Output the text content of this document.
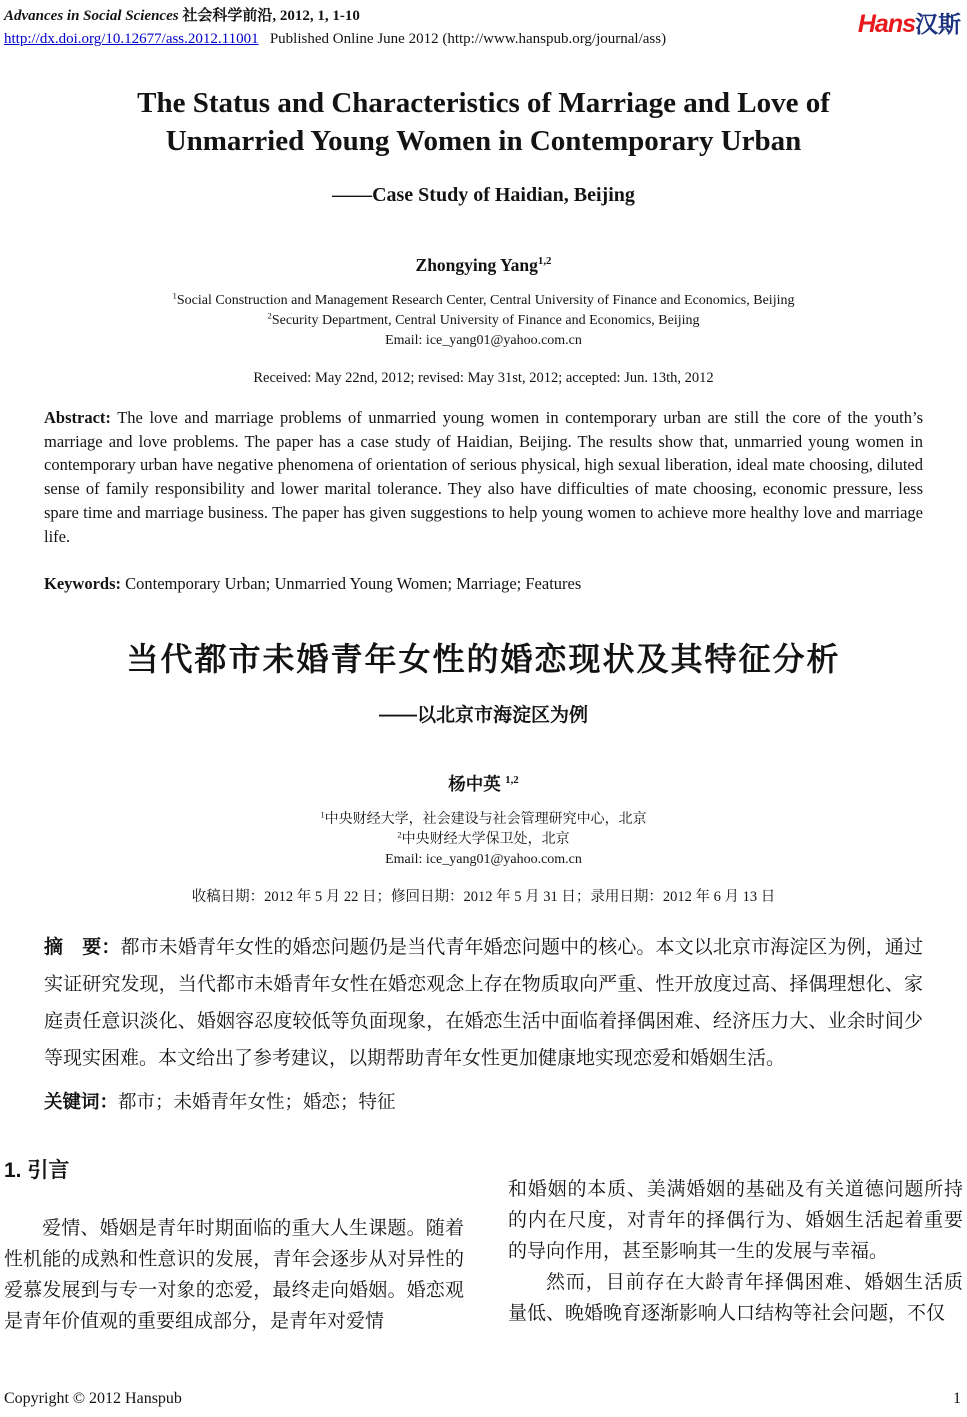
Advances in Social Sciences 社会科学前沿, 2012, 1, 1-10
http://dx.doi.org/10.12677/ass.2012.11001 Published Online June 2012 (http://www.hanspub.org/journal/ass)
Hans汉斯
The Status and Characteristics of Marriage and Love of
Unmarried Young Women in Contemporary Urban
——Case Study of Haidian, Beijing
Zhongying Yang$^{1,2}$
$^1$Social Construction and Management Research Center, Central University of Finance and Economics, Beijing
$^2$Security Department, Central University of Finance and Economics, Beijing
Email: ice_yang01@yahoo.com.cn
Received: May 22nd, 2012; revised: May 31st, 2012; accepted: Jun. 13th, 2012
Abstract: The love and marriage problems of unmarried young women in contemporary urban are still the core of the youth’s marriage and love problems. The paper has a case study of Haidian, Beijing. The results show that, unmarried young women in contemporary urban have negative phenomena of orientation of serious physical, high sexual liberation, ideal mate choosing, diluted sense of family responsibility and lower marital tolerance. They also have difficulties of mate choosing, economic pressure, less spare time and marriage business. The paper has given suggestions to help young women to achieve more healthy love and marriage life.
Keywords: Contemporary Urban; Unmarried Young Women; Marriage; Features
当代都市未婚青年女性的婚恋现状及其特征分析
——以北京市海淀区为例
杨中英 $^{1,2}$
$^1$中央财经大学，社会建设与社会管理研究中心，北京
$^2$中央财经大学保卫处，北京
Email: ice_yang01@yahoo.com.cn
收稿日期：2012 年 5 月 22 日；修回日期：2012 年 5 月 31 日；录用日期：2012 年 6 月 13 日
摘　要：都市未婚青年女性的婚恋问题仍是当代青年婚恋问题中的核心。本文以北京市海淀区为例，通过实证研究发现，当代都市未婚青年女性在婚恋观念上存在物质取向严重、性开放度过高、择偶理想化、家庭责任意识淡化、婚姻容忍度较低等负面现象，在婚恋生活中面临着择偶困难、经济压力大、业余时间少等现实困难。本文给出了参考建议，以期帮助青年女性更加健康地实现恋爱和婚姻生活。
关键词：都市；未婚青年女性；婚恋；特征
1. 引言

爱情、婚姻是青年时期面临的重大人生课题。随着性机能的成熟和性意识的发展，青年会逐步从对异性的爱慕发展到与专一对象的恋爱，最终走向婚姻。婚恋观是青年价值观的重要组成部分，是青年对爱情

和婚姻的本质、美满婚姻的基础及有关道德问题所持的内在尺度，对青年的择偶行为、婚姻生活起着重要的导向作用，甚至影响其一生的发展与幸福。

然而，目前存在大龄青年择偶困难、婚姻生活质量低、晚婚晚育逐渐影响人口结构等社会问题，不仅

Copyright © 2012 Hanspub	1
